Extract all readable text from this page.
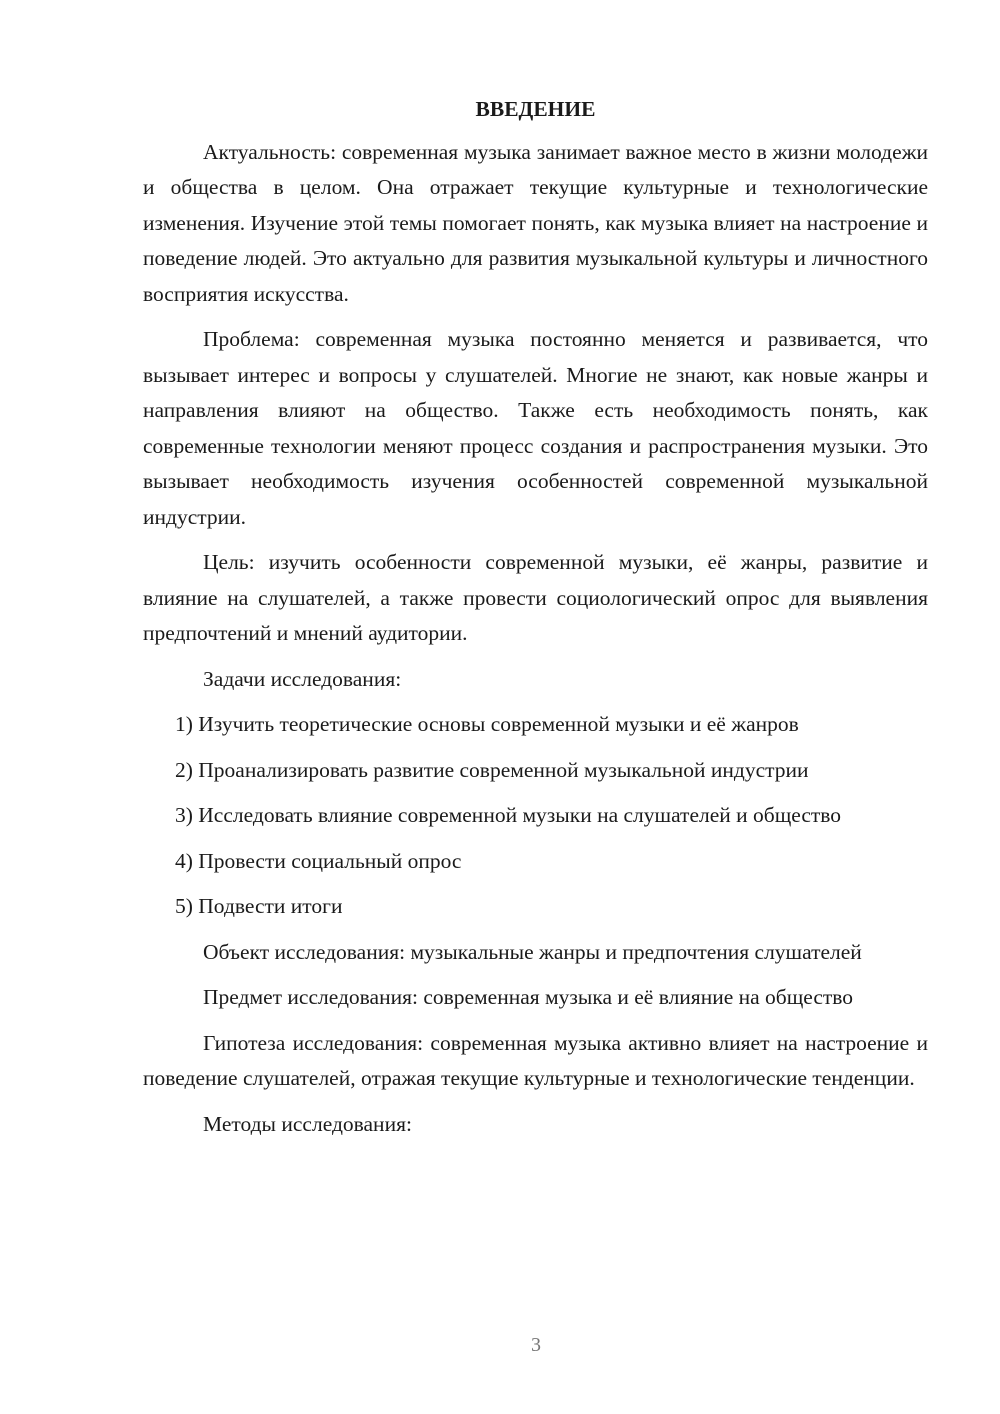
ВВЕДЕНИЕ

Актуальность: современная музыка занимает важное место в жизни молодежи и общества в целом. Она отражает текущие культурные и технологические изменения. Изучение этой темы помогает понять, как музыка влияет на настроение и поведение людей. Это актуально для развития музыкальной культуры и личностного восприятия искусства.

Проблема: современная музыка постоянно меняется и развивается, что вызывает интерес и вопросы у слушателей. Многие не знают, как новые жанры и направления влияют на общество. Также есть необходимость понять, как современные технологии меняют процесс создания и распространения музыки. Это вызывает необходимость изучения особенностей современной музыкальной индустрии.

Цель: изучить особенности современной музыки, её жанры, развитие и влияние на слушателей, а также провести социологический опрос для выявления предпочтений и мнений аудитории.

Задачи исследования:

1) Изучить теоретические основы современной музыки и её жанров

2) Проанализировать развитие современной музыкальной индустрии

3) Исследовать влияние современной музыки на слушателей и общество

4) Провести социальный опрос

5) Подвести итоги

Объект исследования: музыкальные жанры и предпочтения слушателей

Предмет исследования: современная музыка и её влияние на общество

Гипотеза исследования: современная музыка активно влияет на настроение и поведение слушателей, отражая текущие культурные и технологические тенденции.

Методы исследования:

3
